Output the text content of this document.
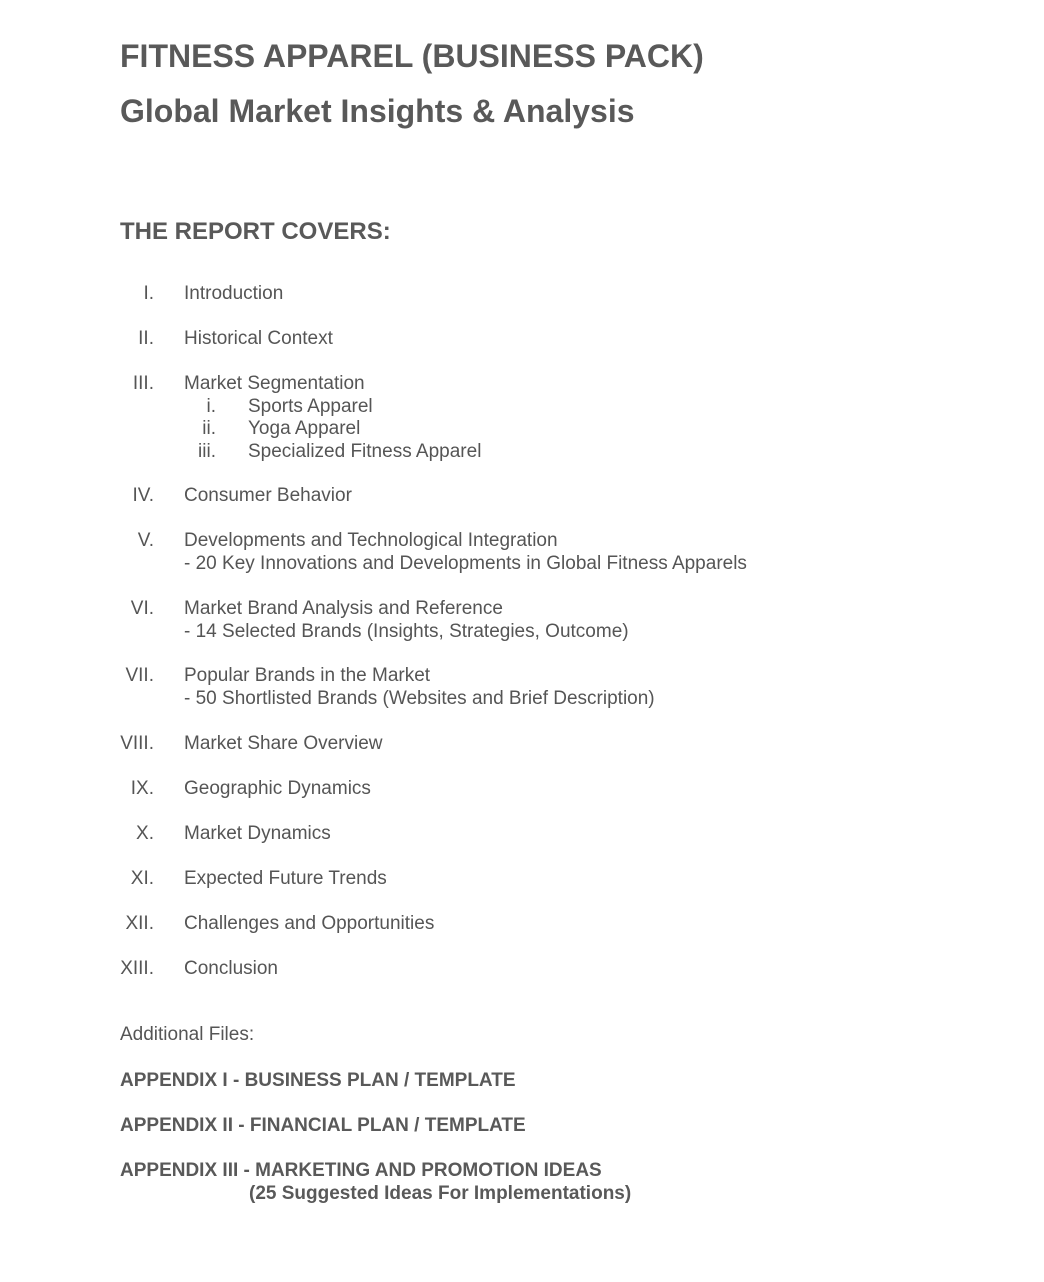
FITNESS APPAREL (BUSINESS PACK)
Global Market Insights & Analysis
THE REPORT COVERS:
I. Introduction
II. Historical Context
III. Market Segmentation
i. Sports Apparel
ii. Yoga Apparel
iii. Specialized Fitness Apparel
IV. Consumer Behavior
V. Developments and Technological Integration
- 20 Key Innovations and Developments in Global Fitness Apparels
VI. Market Brand Analysis and Reference
- 14 Selected Brands (Insights, Strategies, Outcome)
VII. Popular Brands in the Market
- 50 Shortlisted Brands (Websites and Brief Description)
VIII. Market Share Overview
IX. Geographic Dynamics
X. Market Dynamics
XI. Expected Future Trends
XII. Challenges and Opportunities
XIII. Conclusion
Additional Files:
APPENDIX I - BUSINESS PLAN / TEMPLATE
APPENDIX II - FINANCIAL PLAN / TEMPLATE
APPENDIX III - MARKETING AND PROMOTION IDEAS
(25 Suggested Ideas For Implementations)
